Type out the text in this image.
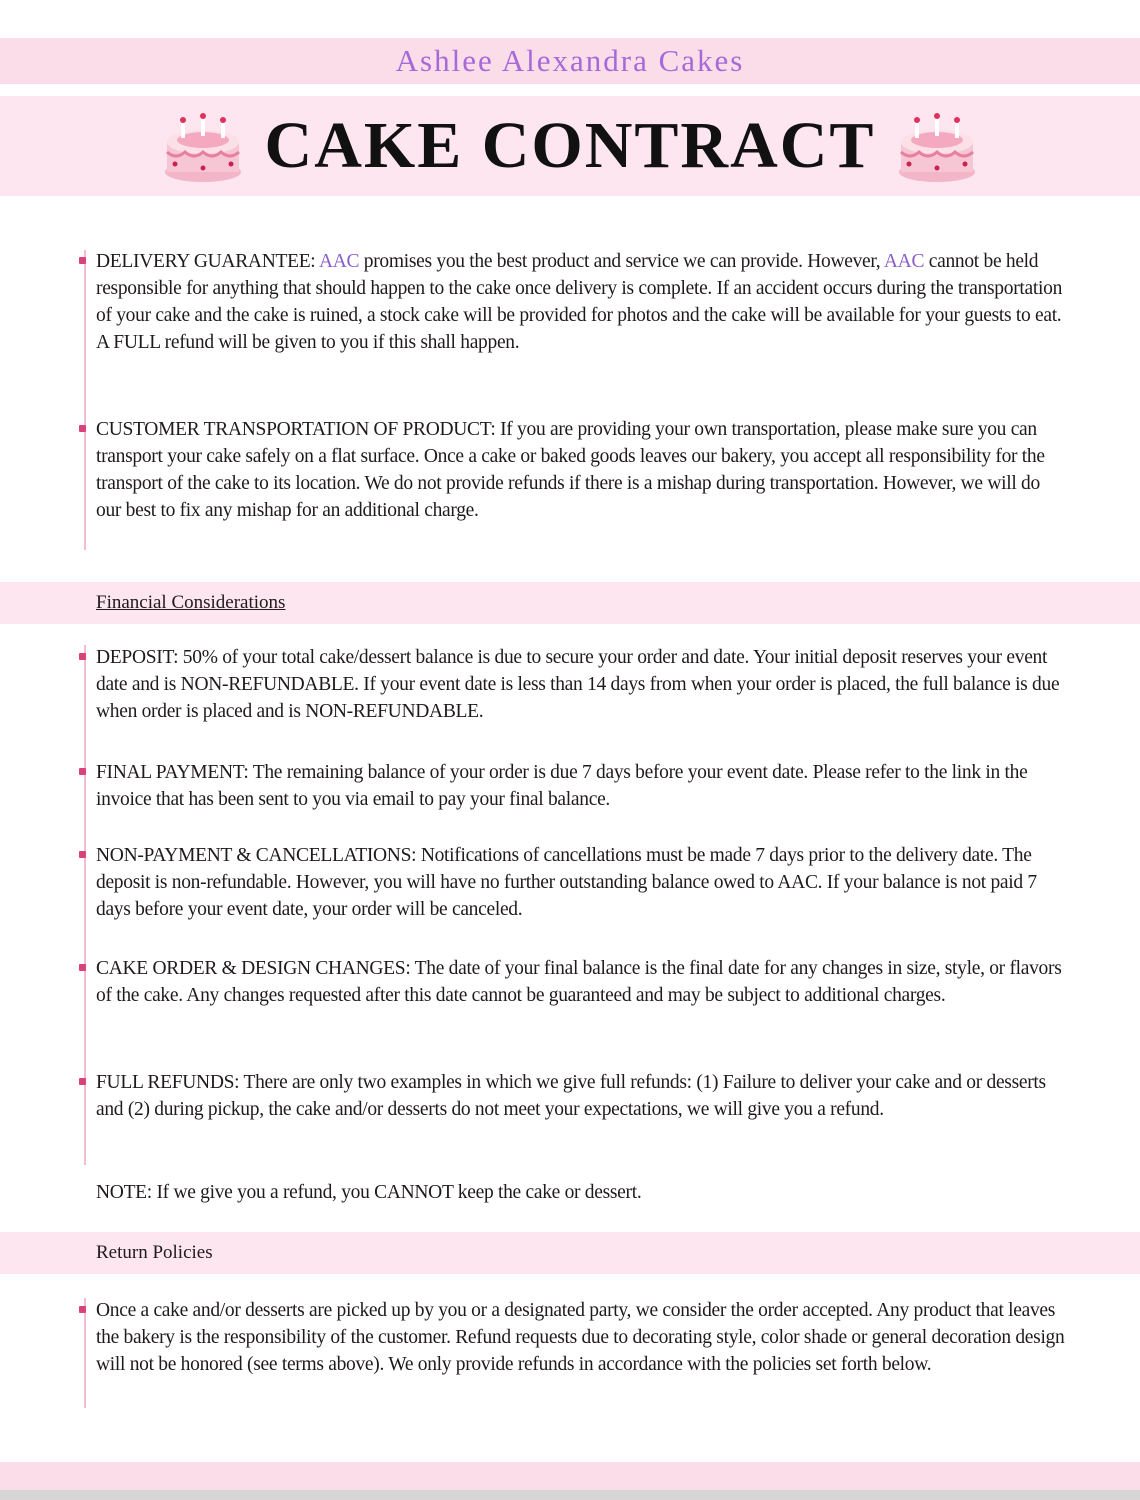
Ashlee Alexandra Cakes
CAKE CONTRACT
DELIVERY GUARANTEE: AAC promises you the best product and service we can provide. However, AAC cannot be held responsible for anything that should happen to the cake once delivery is complete. If an accident occurs during the transportation of your cake and the cake is ruined, a stock cake will be provided for photos and the cake will be available for your guests to eat. A FULL refund will be given to you if this shall happen.
CUSTOMER TRANSPORTATION OF PRODUCT: If you are providing your own transportation, please make sure you can transport your cake safely on a flat surface. Once a cake or baked goods leaves our bakery, you accept all responsibility for the transport of the cake to its location. We do not provide refunds if there is a mishap during transportation. However, we will do our best to fix any mishap for an additional charge.
Financial Considerations
DEPOSIT: 50% of your total cake/dessert balance is due to secure your order and date. Your initial deposit reserves your event date and is NON-REFUNDABLE. If your event date is less than 14 days from when your order is placed, the full balance is due when order is placed and is NON-REFUNDABLE.
FINAL PAYMENT: The remaining balance of your order is due 7 days before your event date. Please refer to the link in the invoice that has been sent to you via email to pay your final balance.
NON-PAYMENT & CANCELLATIONS: Notifications of cancellations must be made 7 days prior to the delivery date. The deposit is non-refundable. However, you will have no further outstanding balance owed to AAC. If your balance is not paid 7 days before your event date, your order will be canceled.
CAKE ORDER & DESIGN CHANGES: The date of your final balance is the final date for any changes in size, style, or flavors of the cake. Any changes requested after this date cannot be guaranteed and may be subject to additional charges.
FULL REFUNDS: There are only two examples in which we give full refunds: (1) Failure to deliver your cake and or desserts and (2) during pickup, the cake and/or desserts do not meet your expectations, we will give you a refund.
NOTE: If we give you a refund, you CANNOT keep the cake or dessert.
Return Policies
Once a cake and/or desserts are picked up by you or a designated party, we consider the order accepted. Any product that leaves the bakery is the responsibility of the customer. Refund requests due to decorating style, color shade or general decoration design will not be honored (see terms above). We only provide refunds in accordance with the policies set forth below.
